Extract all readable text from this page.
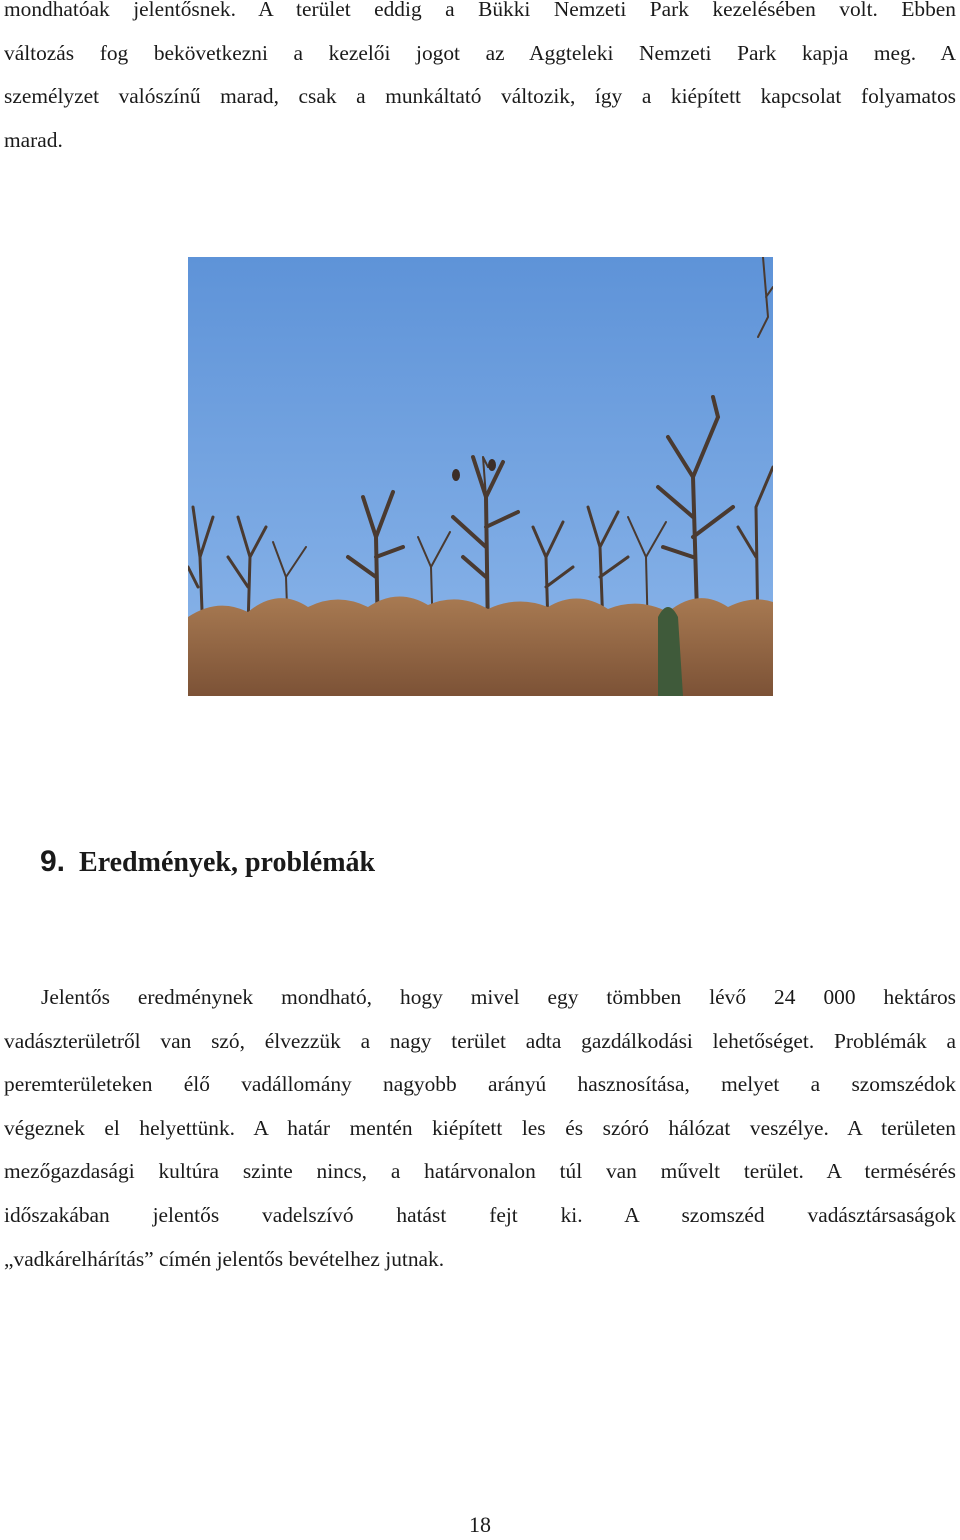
mondhatóak jelentősnek. A terület eddig a Bükki Nemzeti Park kezelésében volt. Ebben
változás fog bekövetkezni a kezelői jogot az Aggteleki Nemzeti Park kapja meg. A
személyzet valószínű marad, csak a munkáltató változik, így a kiépített kapcsolat folyamatos
marad.
9. Eredmények, problémák
Jelentős eredménynek mondható, hogy mivel egy tömbben lévő 24 000 hektáros
vadászterületről van szó, élvezzük a nagy terület adta gazdálkodási lehetőséget. Problémák a
peremterületeken élő vadállomány nagyobb arányú hasznosítása, melyet a szomszédok
végeznek el helyettünk. A határ mentén kiépített les és szóró hálózat veszélye. A területen
mezőgazdasági kultúra szinte nincs, a határvonalon túl van művelt terület. A termésérés
időszakában jelentős vadelszívó hatást fejt ki. A szomszéd vadásztársaságok
„vadkárelhárítás” címén jelentős bevételhez jutnak.

18
